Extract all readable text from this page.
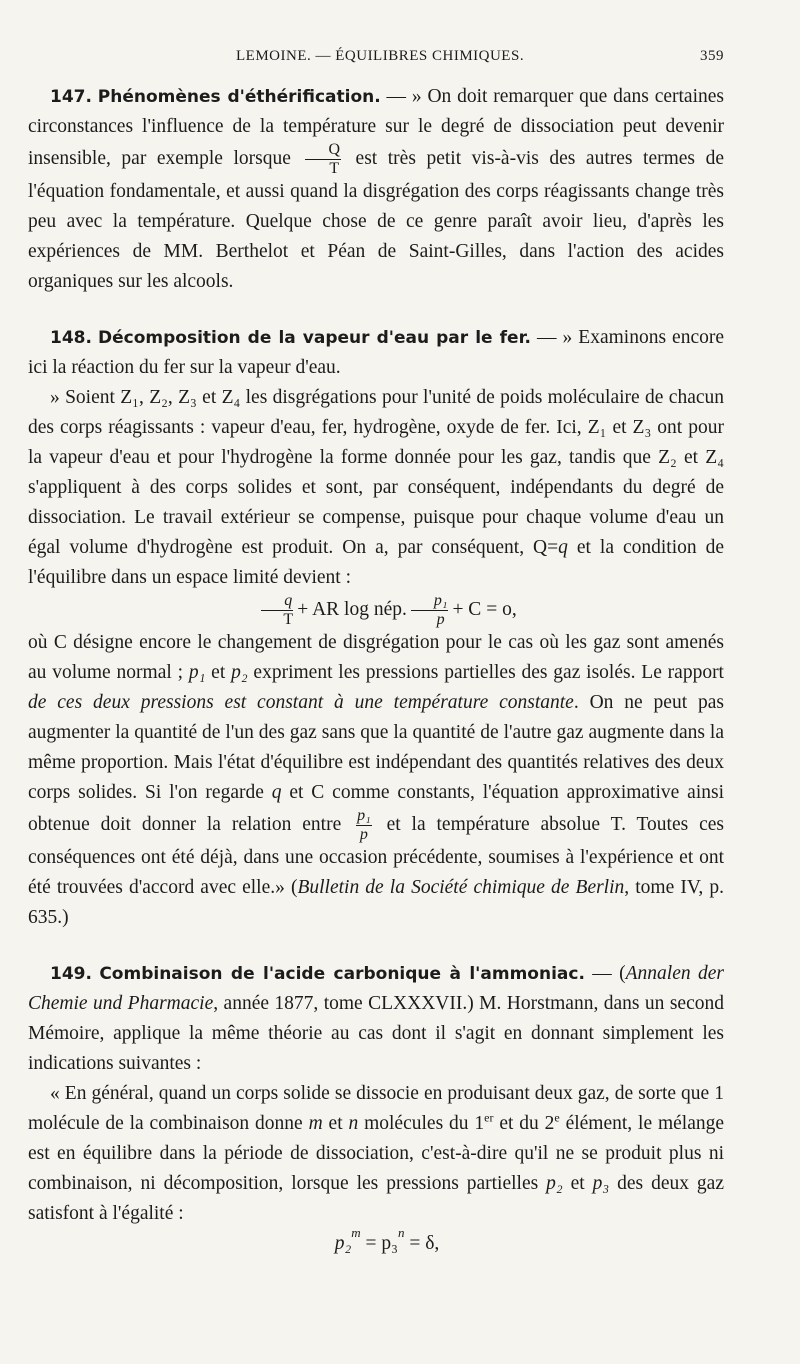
LEMOINE. — ÉQUILIBRES CHIMIQUES.	359

147. Phénomènes d'éthérification. — » On doit remarquer que dans certaines circonstances l'influence de la température sur le degré de dissociation peut devenir insensible, par exemple lorsque $\frac{Q}{T}$ est très petit vis-à-vis des autres termes de l'équation fondamentale, et aussi quand la disgrégation des corps réagissants change très peu avec la température. Quelque chose de ce genre paraît avoir lieu, d'après les expériences de MM. Berthelot et Péan de Saint-Gilles, dans l'action des acides organiques sur les alcools.

148. Décomposition de la vapeur d'eau par le fer. — » Examinons encore ici la réaction du fer sur la vapeur d'eau.

» Soient Z₁, Z₂, Z₃ et Z₄ les disgrégations pour l'unité de poids moléculaire de chacun des corps réagissants : vapeur d'eau, fer, hydrogène, oxyde de fer. Ici, Z₁ et Z₃ ont pour la vapeur d'eau et pour l'hydrogène la forme donnée pour les gaz, tandis que Z₂ et Z₄ s'appliquent à des corps solides et sont, par conséquent, indépendants du degré de dissociation. Le travail extérieur se compense, puisque pour chaque volume d'eau un égal volume d'hydrogène est produit. On a, par conséquent, Q=q et la condition de l'équilibre dans un espace limité devient :

$\frac{q}{T}$ + AR log nép. $\frac{\text{p₁}}{p} + C = o$,

où C désigne encore le changement de disgrégation pour le cas où les gaz sont amenés au volume normal ; p₁ et p₂ expriment les pressions partielles des gaz isolés. Le rapport de ces deux pressions est constant à une température constante. On ne peut pas augmenter la quantité de l'un des gaz sans que la quantité de l'autre gaz augmente dans la même proportion. Mais l'état d'équilibre est indépendant des quantités relatives des deux corps solides. Si l'on regarde q et C comme constants, l'équation approximative ainsi obtenue doit donner la relation entre $\frac{\text{p₁}}{p}$ et la température absolue T. Toutes ces conséquences ont été déjà, dans une occasion précédente, soumises à l'expérience et ont été trouvées d'accord avec elle.» (Bulletin de la Société chimique de Berlin, tome IV, p. 635.)

149. Combinaison de l'acide carbonique à l'ammoniac. — (Annalen der Chemie und Pharmacie, année 1877, tome CLXXXVII.) M. Horstmann, dans un second Mémoire, applique la même théorie au cas dont il s'agit en donnant simplement les indications suivantes :

« En général, quand un corps solide se dissocie en produisant deux gaz, de sorte que 1 molécule de la combinaison donne m et n molécules du 1er et du 2e élément, le mélange est en équilibre dans la période de dissociation, c'est-à-dire qu'il ne se produit plus ni combinaison, ni décomposition, lorsque les pressions partielles p₂ et p₃ des deux gaz satisfont à l'égalité :

p₂$^m$ = p₃$^n$ = δ,
